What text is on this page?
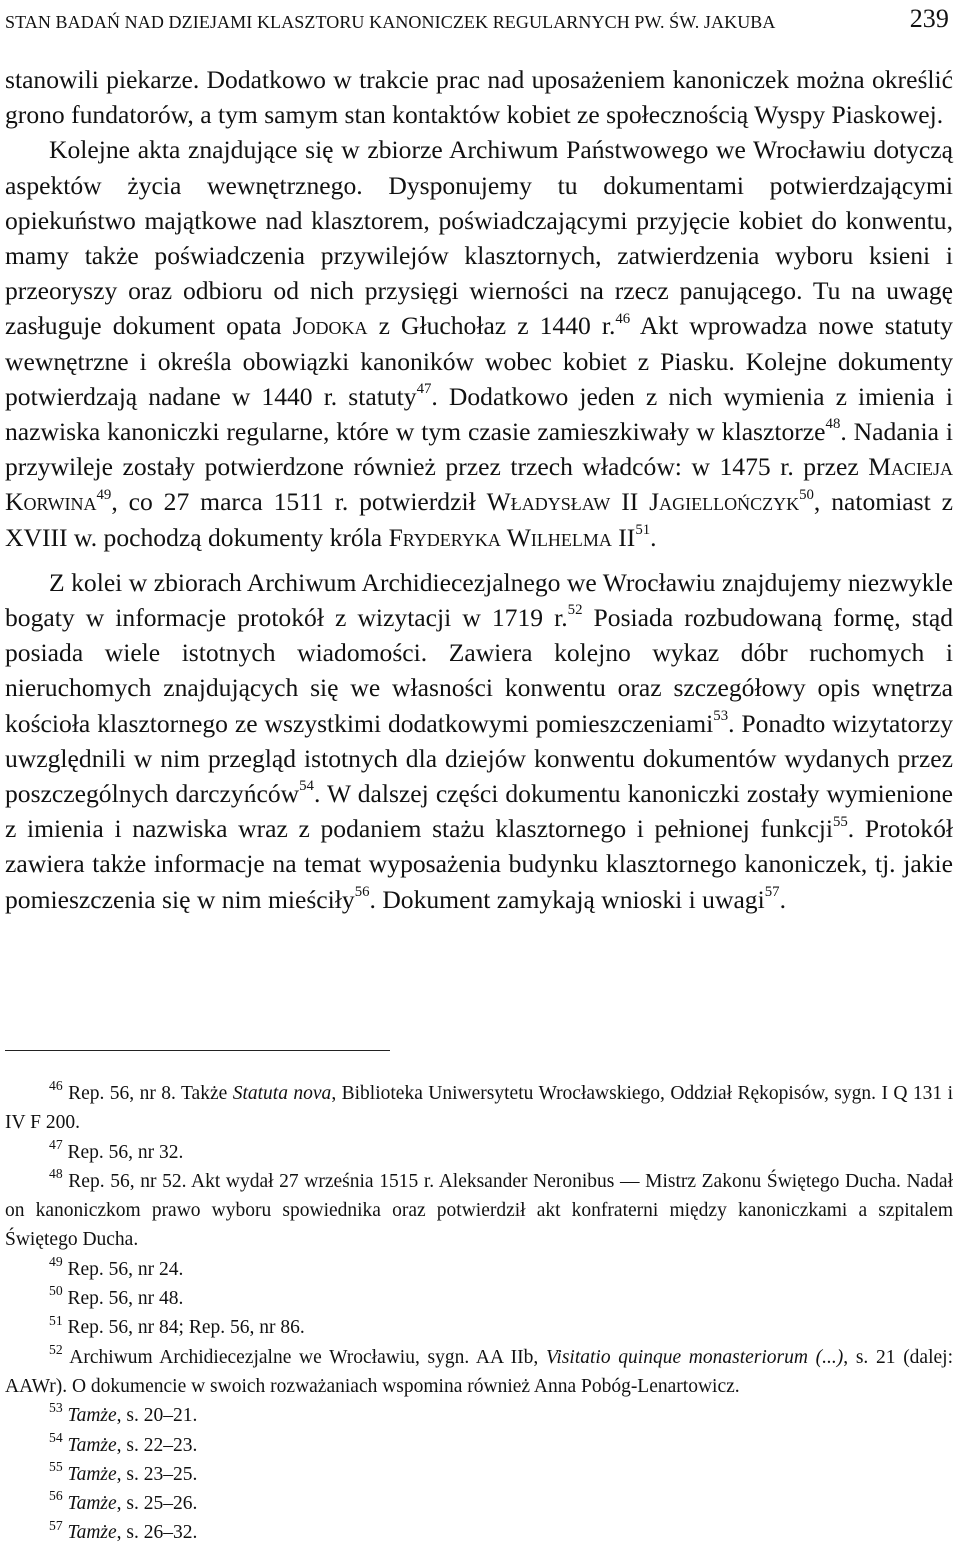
STAN BADAŃ NAD DZIEJAMI KLASZTORU KANONICZEK REGULARNYCH PW. ŚW. JAKUBA	239

stanowili piekarze. Dodatkowo w trakcie prac nad uposażeniem kanoniczek można określić grono fundatorów, a tym samym stan kontaktów kobiet ze społecznością Wyspy Piaskowej.

Kolejne akta znajdujące się w zbiorze Archiwum Państwowego we Wrocławiu dotyczą aspektów życia wewnętrznego. Dysponujemy tu dokumentami potwierdzającymi opiekuństwo majątkowe nad klasztorem, poświadczającymi przyjęcie kobiet do konwentu, mamy także poświadczenia przywilejów klasztornych, zatwierdzenia wyboru ksieni i przeoryszy oraz odbioru od nich przysięgi wierności na rzecz panującego. Tu na uwagę zasługuje dokument opata Jodoka z Głuchołaz z 1440 r.$^{46}$ Akt wprowadza nowe statuty wewnętrzne i określa obowiązki kanoników wobec kobiet z Piasku. Kolejne dokumenty potwierdzają nadane w 1440 r. statuty$^{47}$. Dodatkowo jeden z nich wymienia z imienia i nazwiska kanoniczki regularne, które w tym czasie zamieszkiwały w klasztorze$^{48}$. Nadania i przywileje zostały potwierdzone również przez trzech władców: w 1475 r. przez Macieja Korwina$^{49}$, co 27 marca 1511 r. potwierdził Władysław II Jagiellończyk$^{50}$, natomiast z XVIII w. pochodzą dokumenty króla Fryderyka Wilhelma II$^{51}$.

Z kolei w zbiorach Archiwum Archidiecezjalnego we Wrocławiu znajdujemy niezwykle bogaty w informacje protokół z wizytacji w 1719 r.$^{52}$ Posiada rozbudowaną formę, stąd posiada wiele istotnych wiadomości. Zawiera kolejno wykaz dóbr ruchomych i nieruchomych znajdujących się we własności konwentu oraz szczegółowy opis wnętrza kościoła klasztornego ze wszystkimi dodatkowymi pomieszczeniami$^{53}$. Ponadto wizytatorzy uwzględnili w nim przegląd istotnych dla dziejów konwentu dokumentów wydanych przez poszczególnych darczyńców$^{54}$. W dalszej części dokumentu kanoniczki zostały wymienione z imienia i nazwiska wraz z podaniem stażu klasztornego i pełnionej funkcji$^{55}$. Protokół zawiera także informacje na temat wyposażenia budynku klasztornego kanoniczek, tj. jakie pomieszczenia się w nim mieściły$^{56}$. Dokument zamykają wnioski i uwagi$^{57}$.

$^{46}$ Rep. 56, nr 8. Także Statuta nova, Biblioteka Uniwersytetu Wrocławskiego, Oddział Rękopisów, sygn. I Q 131 i IV F 200.

$^{47}$ Rep. 56, nr 32.

$^{48}$ Rep. 56, nr 52. Akt wydał 27 września 1515 r. Aleksander Neronibus — Mistrz Zakonu Świętego Ducha. Nadał on kanoniczkom prawo wyboru spowiednika oraz potwierdził akt konfraterni między kanoniczkami a szpitalem Świętego Ducha.

$^{49}$ Rep. 56, nr 24.

$^{50}$ Rep. 56, nr 48.

$^{51}$ Rep. 56, nr 84; Rep. 56, nr 86.

$^{52}$ Archiwum Archidiecezjalne we Wrocławiu, sygn. AA IIb, Visitatio quinque monasteriorum (...), s. 21 (dalej: AAWr). O dokumencie w swoich rozważaniach wspomina również Anna Pobóg-Lenartowicz.

$^{53}$ Tamże, s. 20–21.

$^{54}$ Tamże, s. 22–23.

$^{55}$ Tamże, s. 23–25.

$^{56}$ Tamże, s. 25–26.

$^{57}$ Tamże, s. 26–32.
